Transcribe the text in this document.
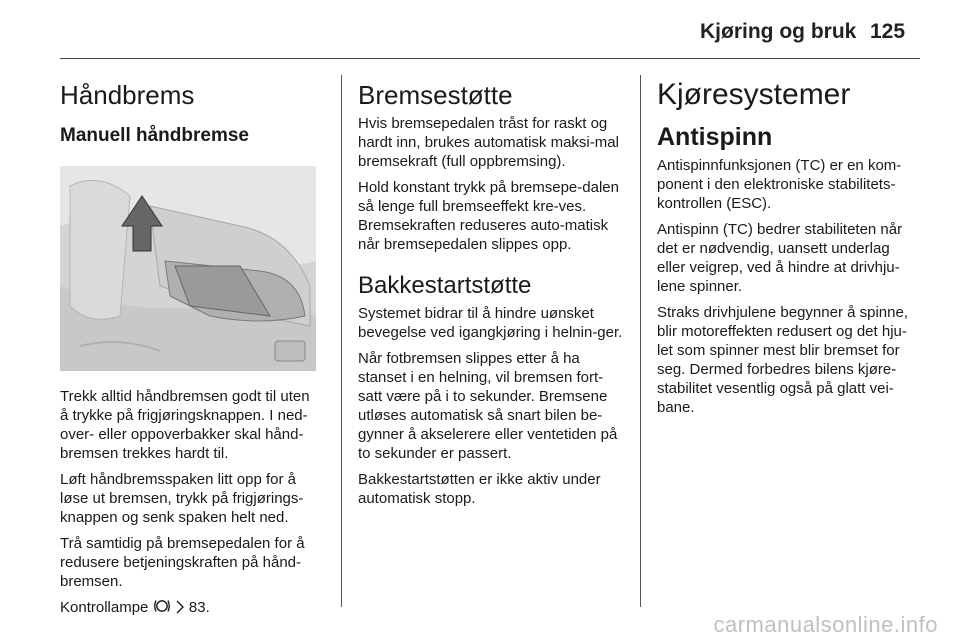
Kjøring og bruk 125
Håndbrems
Manuell håndbremse

Trekk alltid håndbremsen godt til uten å trykke på frigjøringsknappen. I ned-over- eller oppoverbakker skal hånd-bremsen trekkes hardt til.

Løft håndbremsspaken litt opp for å løse ut bremsen, trykk på frigjørings-knappen og senk spaken helt ned.

Trå samtidig på bremsepedalen for å redusere betjeningskraften på hånd-bremsen.

Kontrollampe	83.

Bremsestøtte

Hvis bremsepedalen tråst for raskt og hardt inn, brukes automatisk maksi-mal bremsekraft (full oppbremsing).

Hold konstant trykk på bremsepe-dalen så lenge full bremseeffekt kre-ves. Bremsekraften reduseres auto-matisk når bremsepedalen slippes opp.

Bakkestartstøtte

Systemet bidrar til å hindre uønsket bevegelse ved igangkjøring i helnin-ger.

Når fotbremsen slippes etter å ha stanset i en helning, vil bremsen fort-satt være på i to sekunder. Bremsene utløses automatisk så snart bilen be-gynner å akselerere eller ventetiden på to sekunder er passert.

Bakkestartstøtten er ikke aktiv under automatisk stopp.

Kjøresystemer
Antispinn

Antispinnfunksjonen (TC) er en kom-ponent i den elektroniske stabilitets-kontrollen (ESC).

Antispinn (TC) bedrer stabiliteten når det er nødvendig, uansett underlag eller veigrep, ved å hindre at drivhju-lene spinner.

Straks drivhjulene begynner å spinne, blir motoreffekten redusert og det hju-let som spinner mest blir bremset for seg. Dermed forbedres bilens kjøre-stabilitet vesentlig også på glatt vei-bane.

carmanualsonline.info
